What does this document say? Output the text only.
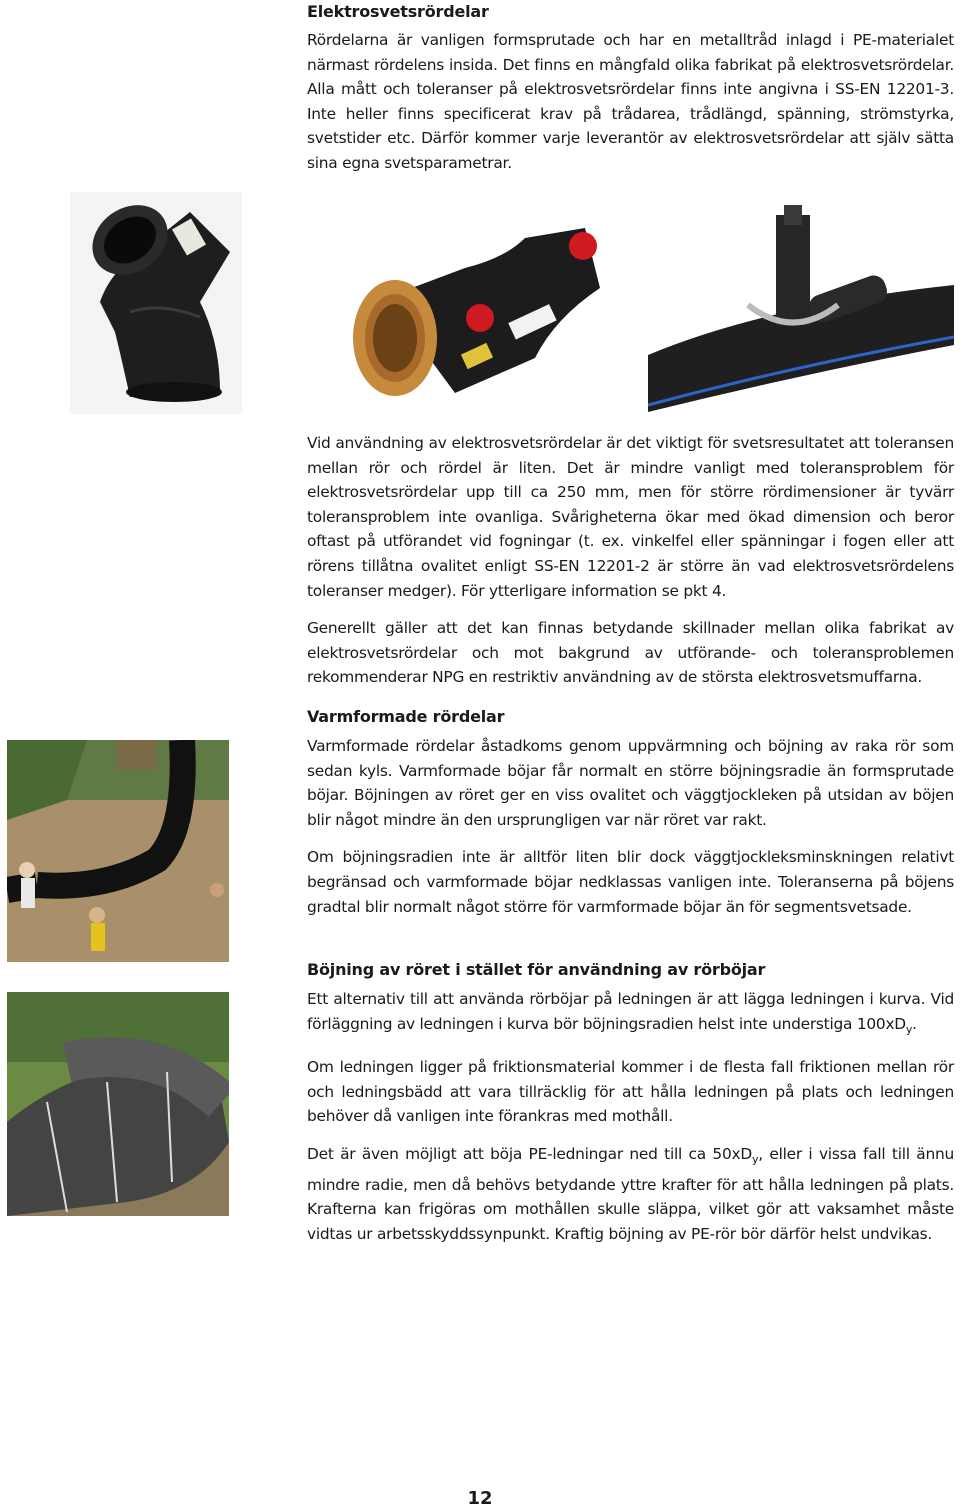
Elektrosvetsrördelar

Rördelarna är vanligen formsprutade och har en metalltråd inlagd i PE-materialet närmast rördelens insida. Det finns en mångfald olika fabrikat på elektrosvetsrördelar. Alla mått och toleranser på elektrosvetsrördelar finns inte angivna i SS-EN 12201-3. Inte heller finns specificerat krav på trådarea, trådlängd, spänning, strömstyrka, svetstider etc. Därför kommer varje leverantör av elektrosvetsrördelar att själv sätta sina egna svetsparametrar.

Vid användning av elektrosvetsrördelar är det viktigt för svetsresultatet att toleransen mellan rör och rördel är liten. Det är mindre vanligt med toleransproblem för elektrosvetsrördelar upp till ca 250 mm, men för större rördimensioner är tyvärr toleransproblem inte ovanliga. Svårigheterna ökar med ökad dimension och beror oftast på utförandet vid fogningar (t. ex. vinkelfel eller spänningar i fogen eller att rörens tillåtna ovalitet enligt SS-EN 12201-2 är större än vad elektrosvetsrördelens toleranser medger). För ytterligare information se pkt 4.

Generellt gäller att det kan finnas betydande skillnader mellan olika fabrikat av elektrosvetsrördelar och mot bakgrund av utförande- och toleransproblemen rekommenderar NPG en restriktiv användning av de största elektrosvetsmuffarna.

Varmformade rördelar

Varmformade rördelar åstadkoms genom uppvärmning och böjning av raka rör som sedan kyls. Varmformade böjar får normalt en större böjningsradie än formsprutade böjar. Böjningen av röret ger en viss ovalitet och väggtjockleken på utsidan av böjen blir något mindre än den ursprungligen var när röret var rakt.

Om böjningsradien inte är alltför liten blir dock väggtjockleksminskningen relativt begränsad och varmformade böjar nedklassas vanligen inte. Toleranserna på böjens gradtal blir normalt något större för varmformade böjar än för segmentsvetsade.

Böjning av röret i stället för användning av rörböjar

Ett alternativ till att använda rörböjar på ledningen är att lägga ledningen i kurva. Vid förläggning av ledningen i kurva bör böjningsradien helst inte understiga $100xD_y$.

Om ledningen ligger på friktionsmaterial kommer i de flesta fall friktionen mellan rör och ledningsbädd att vara tillräcklig för att hålla ledningen på plats och ledningen behöver då vanligen inte förankras med mothåll.

Det är även möjligt att böja PE-ledningar ned till ca $50xD_y$, eller i vissa fall till ännu mindre radie, men då behövs betydande yttre krafter för att hålla ledningen på plats. Krafterna kan frigöras om mothållen skulle släppa, vilket gör att vaksamhet måste vidtas ur arbetsskyddssynpunkt. Kraftig böjning av PE-rör bör därför helst undvikas.

12
